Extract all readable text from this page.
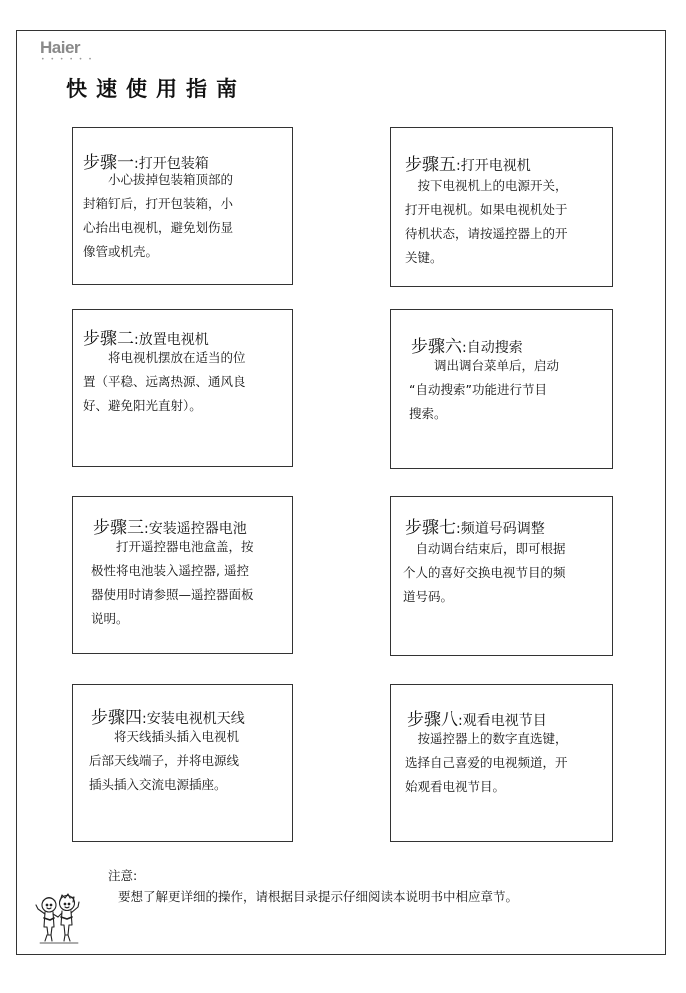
Haier
• • • • • •
快速使用指南
步骤一:打开包装箱
　　小心拔掉包装箱顶部的
封箱钉后，打开包装箱，小
心抬出电视机，避免划伤显
像管或机壳。
步骤五:打开电视机
　按下电视机上的电源开关，
打开电视机。如果电视机处于
待机状态，请按遥控器上的开
关键。
步骤二:放置电视机
　　将电视机摆放在适当的位
置（平稳、远离热源、通风良
好、避免阳光直射）。
步骤六:自动搜索
　　调出调台菜单后，启动
“自动搜索”功能进行节目
搜索。
步骤三:安装遥控器电池
　　打开遥控器电池盒盖，按
极性将电池装入遥控器, 遥控
器使用时请参照—遥控器面板
说明。
步骤七:频道号码调整
　自动调台结束后，即可根据
个人的喜好交换电视节目的频
道号码。
步骤四:安装电视机天线
　　将天线插头插入电视机
后部天线端子，并将电源线
插头插入交流电源插座。
步骤八:观看电视节目
　按遥控器上的数字直选键，
选择自己喜爱的电视频道，开
始观看电视节目。
注意:
要想了解更详细的操作，请根据目录提示仔细阅读本说明书中相应章节。
